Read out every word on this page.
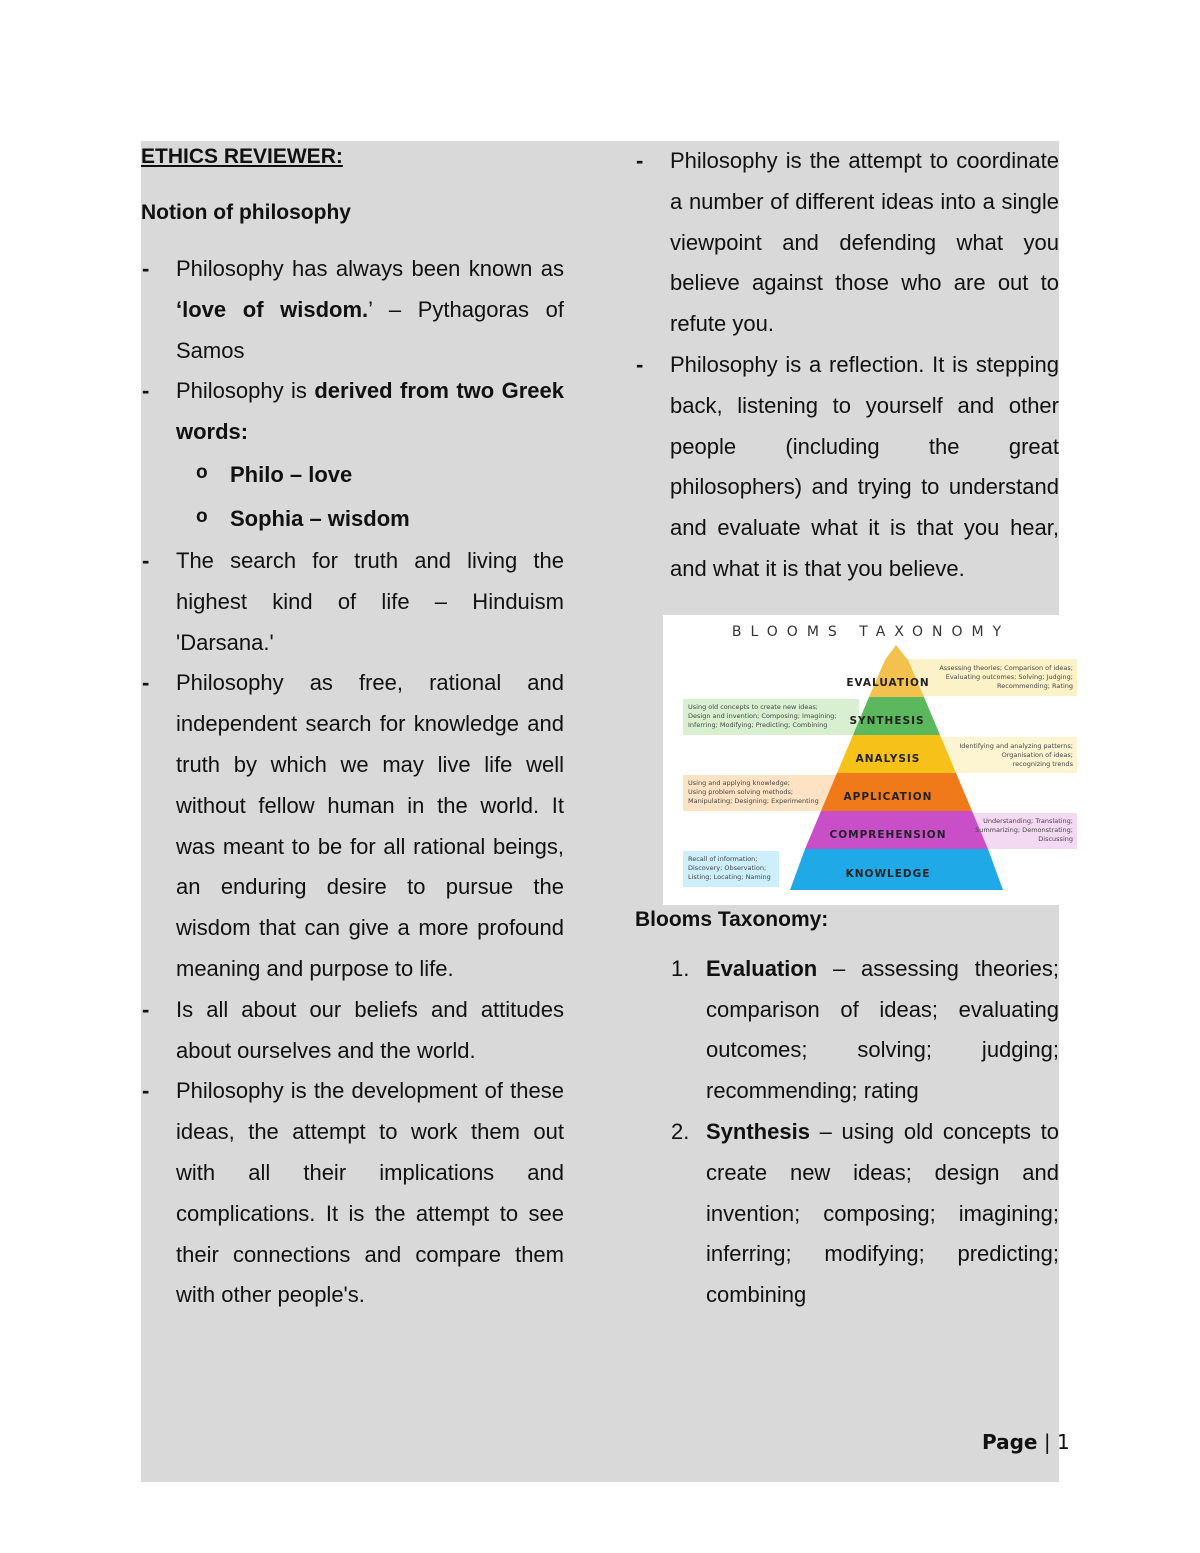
ETHICS REVIEWER:

Notion of philosophy

- Philosophy has always been known as ‘love of wisdom.’ – Pythagoras of Samos
- Philosophy is derived from two Greek words:
o Philo – love
o Sophia – wisdom
- The search for truth and living the highest kind of life – Hinduism 'Darsana.'
- Philosophy as free, rational and independent search for knowledge and truth by which we may live life well without fellow human in the world. It was meant to be for all rational beings, an enduring desire to pursue the wisdom that can give a more profound meaning and purpose to life.
- Is all about our beliefs and attitudes about ourselves and the world.
- Philosophy is the development of these ideas, the attempt to work them out with all their implications and complications. It is the attempt to see their connections and compare them with other people's.
- Philosophy is the attempt to coordinate a number of different ideas into a single viewpoint and defending what you believe against those who are out to refute you.
- Philosophy is a reflection. It is stepping back, listening to yourself and other people (including the great philosophers) and trying to understand and evaluate what it is that you hear, and what it is that you believe.
BLOOMS TAXONOMY
EVALUATION
SYNTHESIS
ANALYSIS
APPLICATION
COMPREHENSION
KNOWLEDGE
Assessing theories; Comparison of ideas;
Evaluating outcomes; Solving; Judging;
Recommending; Rating
Using old concepts to create new ideas;
Design and invention; Composing; Imagining;
Inferring; Modifying; Predicting; Combining
Identifying and analyzing patterns;
Organisation of ideas;
recognizing trends
Using and applying knowledge;
Using problem solving methods;
Manipulating; Designing; Experimenting
Understanding; Translating;
Summarizing; Demonstrating;
Discussing
Recall of information;
Discovery; Observation;
Listing; Locating; Naming

Blooms Taxonomy:

1. Evaluation – assessing theories; comparison of ideas; evaluating outcomes; solving; judging; recommending; rating
2. Synthesis – using old concepts to create new ideas; design and invention; composing; imagining; inferring; modifying; predicting; combining
Page | 1
